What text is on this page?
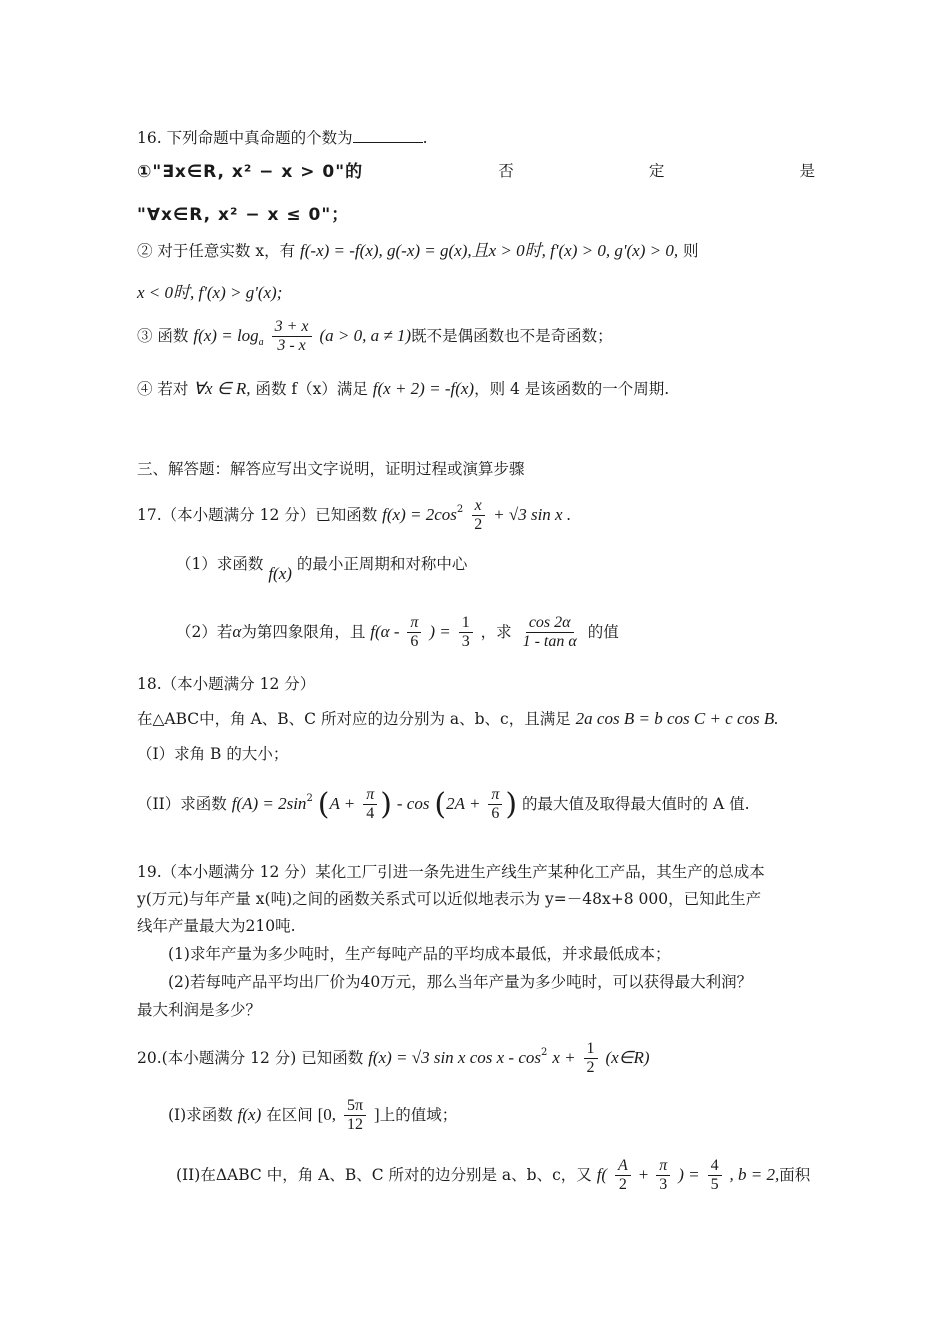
16. 下列命题中真命题的个数为	.
①"∃x∈R, x² − x > 0"的	否	定	是
"∀x∈R, x² − x ≤ 0"；
② 对于任意实数 x，有 f(-x) = -f(x), g(-x) = g(x),且x > 0时, f'(x) > 0, g'(x) > 0, 则
x < 0时, f'(x) > g'(x);
③ 函数 $f(x) = \log_a \frac{3 + x}{3 - x} (a > 0$, a ≠ 1)既不是偶函数也不是奇函数；
④ 若对 ∀x ∈ R, 函数 f（x）满足 f(x + 2) = -f(x)，则 4 是该函数的一个周期.
三、解答题：解答应写出文字说明，证明过程或演算步骤
17.（本小题满分 12 分）已知函数 $f(x) = 2\cos^2 \frac{x}{2} + √3$ sin x .
（1）求函数 f(x) 的最小正周期和对称中心
（2）若α为第四象限角，且 $f(\alpha - \frac{\pi}{6}$ ) = $\frac{1}{3}$ ，求 $\frac{\cos 2\alpha}{\text{1 - tan α}}$ 的值
18.（本小题满分 12 分）
在△ABC中，角 A、B、C 所对应的边分别为 a、b、c，且满足 2a cos B = b cos C + c cos B.
（I）求角 B 的大小；
（II）求函数 $f(A) = 2\sin^2$ ($A + \frac{\pi}{4}$ ) - $\cos (2A + \frac{\pi}{6}$ ) 的最大值及取得最大值时的 A 值.
19.（本小题满分 12 分）某化工厂引进一条先进生产线生产某种化工产品，其生产的总成本
y(万元)与年产量 x(吨)之间的函数关系式可以近似地表示为 y=－48x+8 000，已知此生产
线年产量最大为210吨.
(1)求年产量为多少吨时，生产每吨产品的平均成本最低，并求最低成本；
(2)若每吨产品平均出厂价为40万元，那么当年产量为多少吨时，可以获得最大利润？
最大利润是多少？
20.(本小题满分 12 分) 已知函数 f(x) = √3 sin x $\cos x - \cos^2 x + \frac{1}{2}$ (x∈R)
(I)求函数 f(x) 在区间 [0, $\frac{5\pi}{12}$ ]上的值域；
(II)在ΔABC 中，角 A、B、C 所对的边分别是 a、b、c，又 $f( \frac{A}{2} + \frac{\pi}{3}$ ) = $\frac{4}{5}$ , b = 2,面积
